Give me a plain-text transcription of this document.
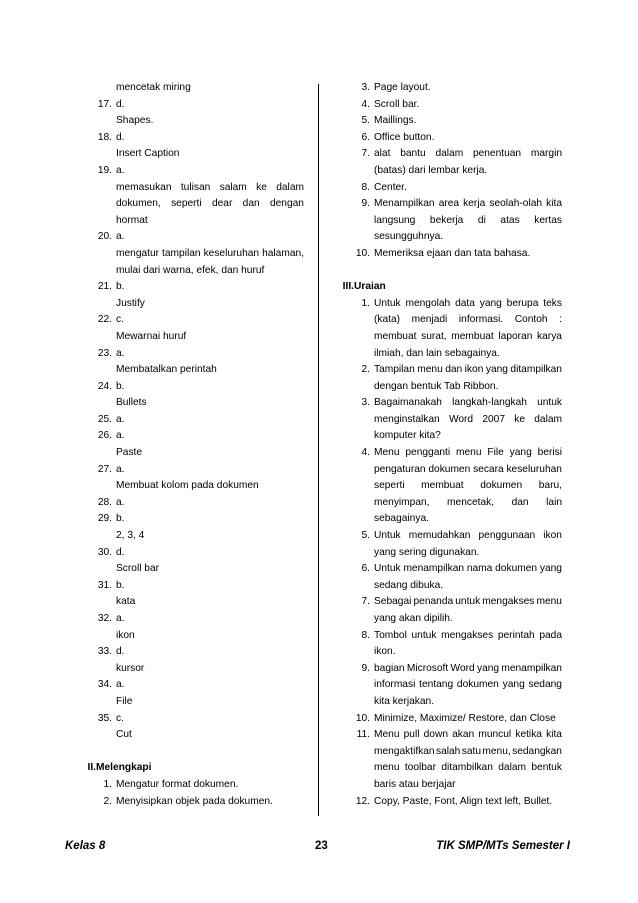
mencetak miring
17. d.
Shapes.
18. d.
Insert Caption
19. a.
memasukan tulisan salam ke dalam
dokumen, seperti dear dan dengan
hormat
20. a.
mengatur tampilan keseluruhan halaman,
mulai dari warna, efek, dan huruf
21. b.
Justify
22. c.
Mewarnai huruf
23. a.
Membatalkan perintah
24. b.
Bullets
25. a.
26. a.
Paste
27. a.
Membuat kolom pada dokumen
28. a.
29. b.
2, 3, 4
30. d.
Scroll bar
31. b.
kata
32. a.
ikon
33. d.
kursor
34. a.
File
35. c.
Cut
II. Melengkapi
1. Mengatur format dokumen.
2. Menyisipkan objek pada dokumen.
3. Page layout.
4. Scroll bar.
5. Maillings.
6. Office button.
7. alat bantu dalam penentuan margin
(batas) dari lembar kerja.
8. Center.
9. Menampilkan area kerja seolah-olah kita
langsung bekerja di atas kertas
sesungguhnya.
10. Memeriksa ejaan dan tata bahasa.
III. Uraian
1. Untuk mengolah data yang berupa teks
(kata) menjadi informasi. Contoh :
membuat surat, membuat laporan karya
ilmiah, dan lain sebagainya.
2. Tampilan menu dan ikon yang ditampilkan
dengan bentuk Tab Ribbon.
3. Bagaimanakah langkah-langkah untuk
menginstalkan Word 2007 ke dalam
komputer kita?
4. Menu pengganti menu File yang berisi
pengaturan dokumen secara keseluruhan
seperti membuat dokumen baru,
menyimpan, mencetak, dan lain
sebagainya.
5. Untuk memudahkan penggunaan ikon
yang sering digunakan.
6. Untuk menampilkan nama dokumen yang
sedang dibuka.
7. Sebagai penanda untuk mengakses menu
yang akan dipilih.
8. Tombol untuk mengakses perintah pada
ikon.
9. bagian Microsoft Word yang menampilkan
informasi tentang dokumen yang sedang
kita kerjakan.
10. Minimize, Maximize/ Restore, dan Close
11. Menu pull down akan muncul ketika kita
mengaktifkan salah satu menu, sedangkan
menu toolbar ditambilkan dalam bentuk
baris atau berjajar
12. Copy, Paste, Font, Align text left, Bullet.
Kelas 8	23	TIK SMP/MTs Semester I
